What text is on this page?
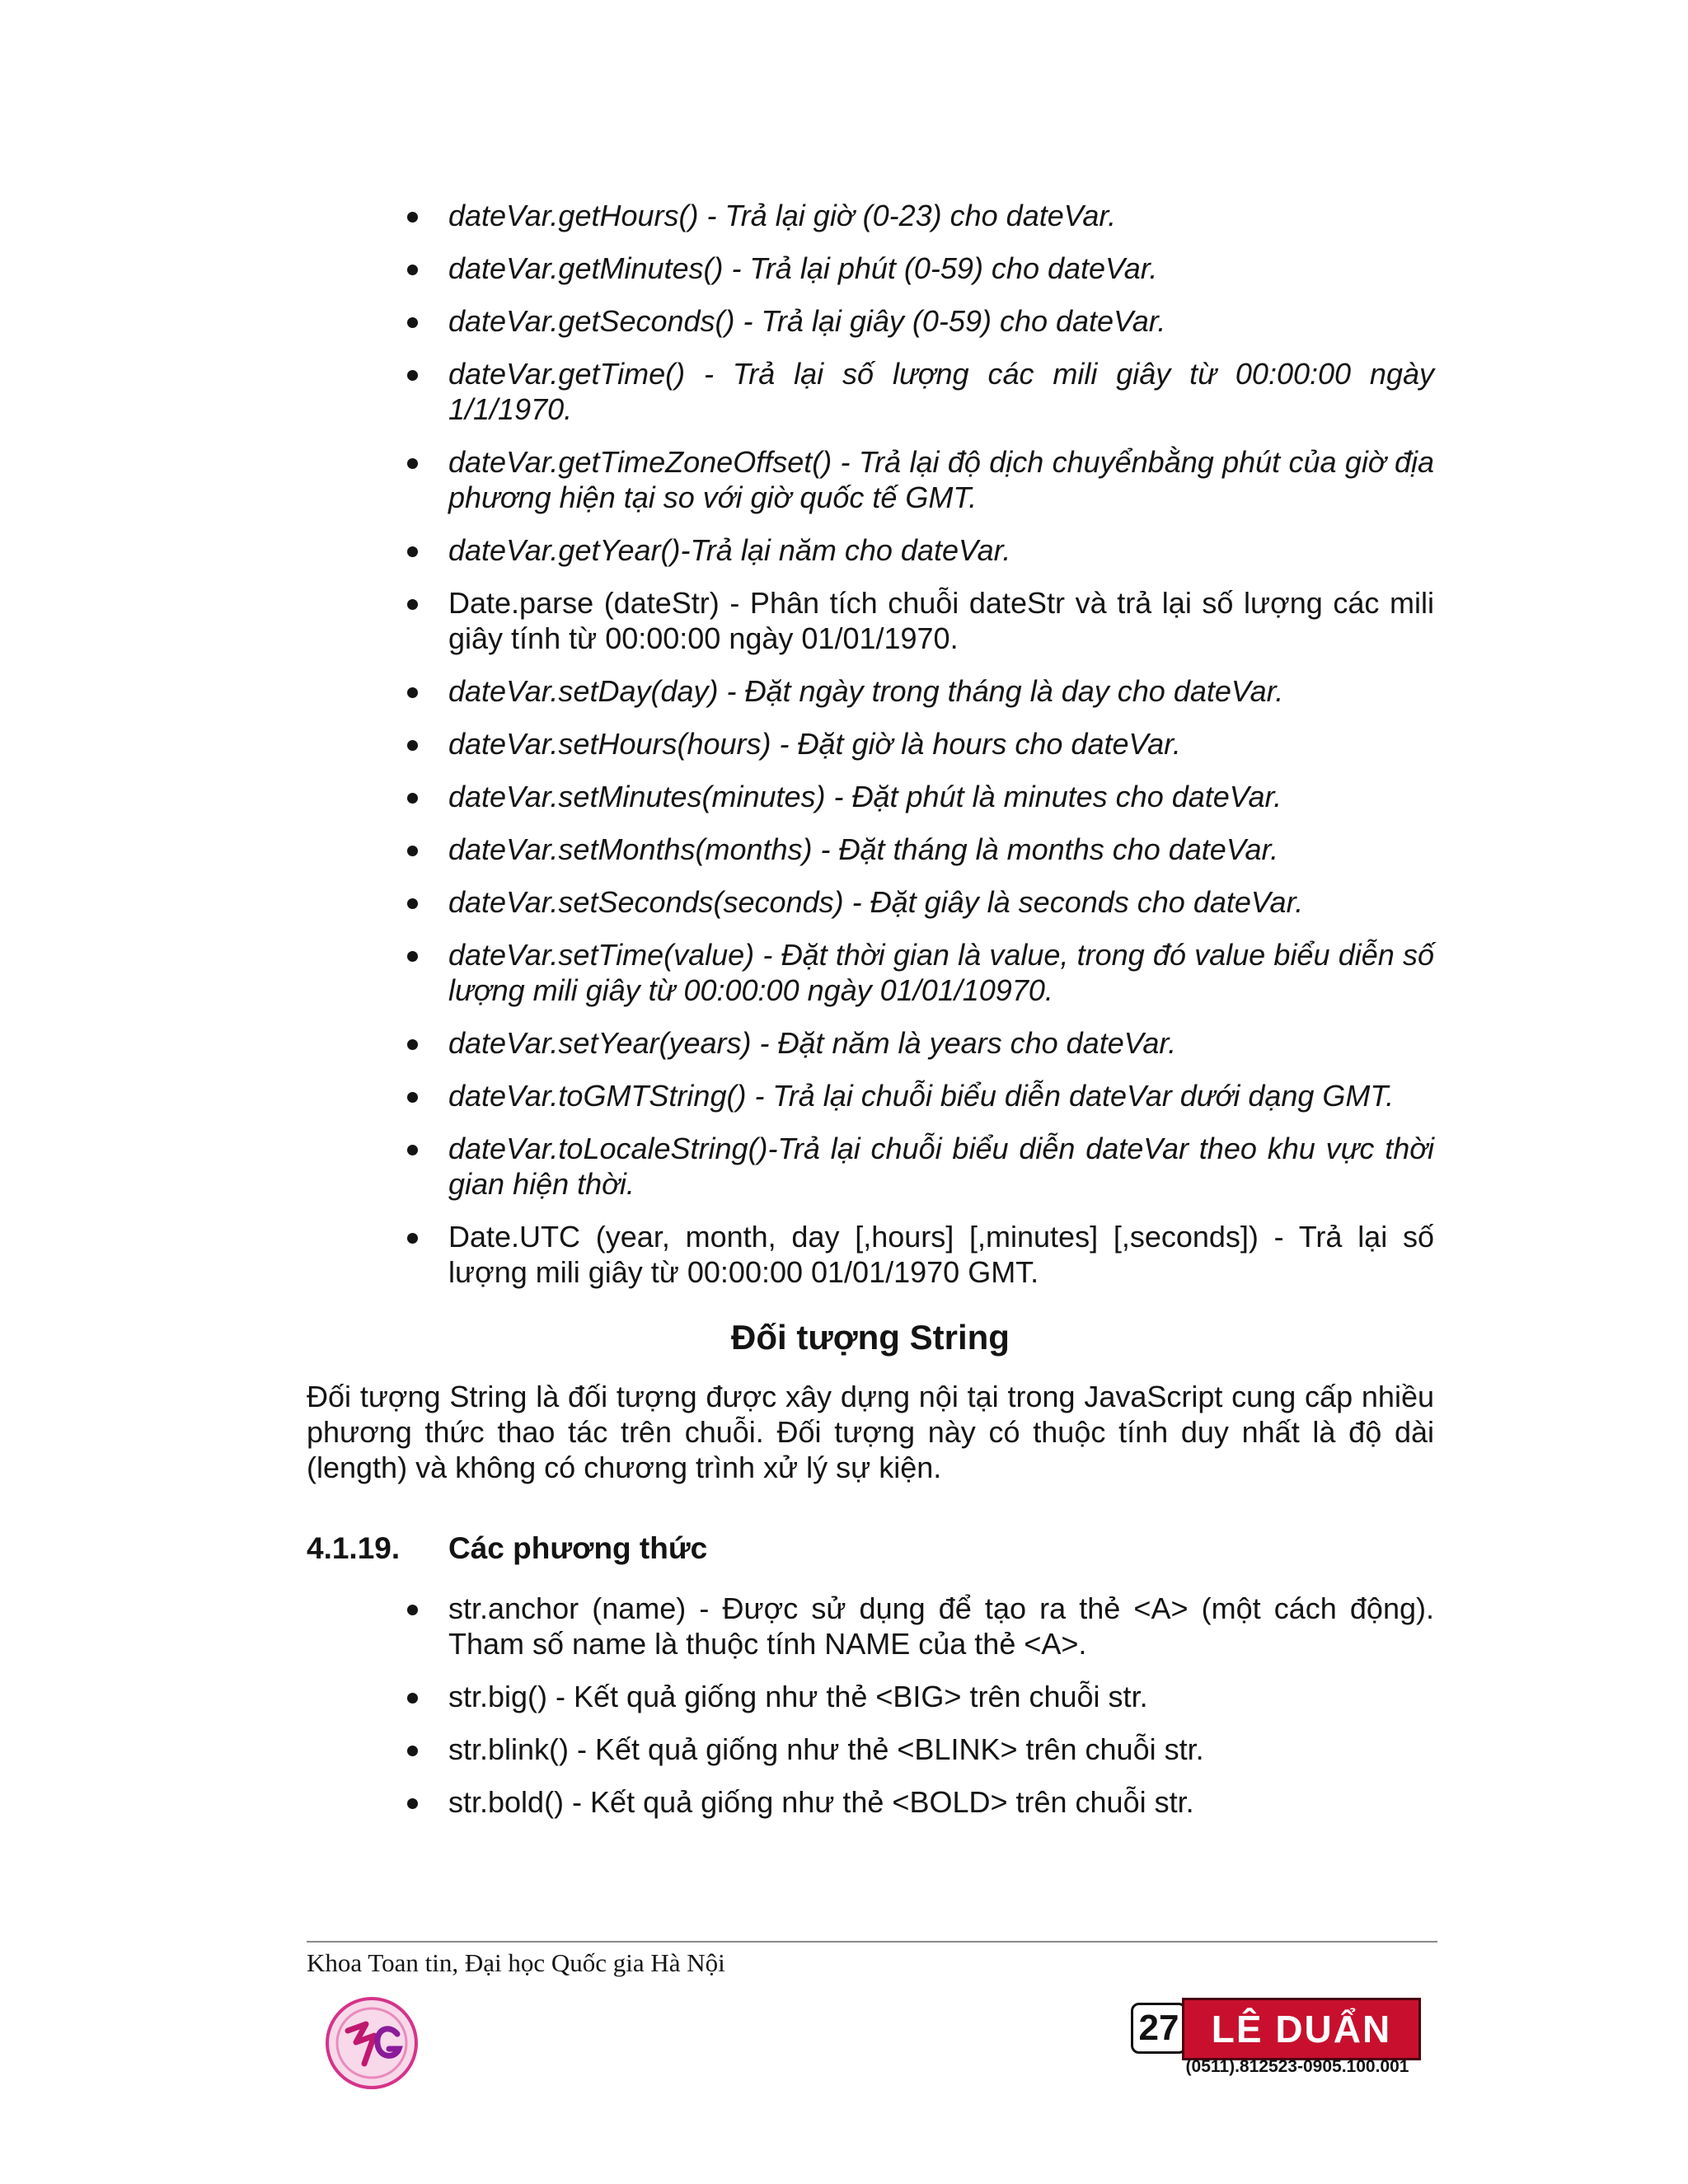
dateVar.getHours() - Trả lại giờ (0-23) cho dateVar.
dateVar.getMinutes() - Trả lại phút (0-59) cho dateVar.
dateVar.getSeconds() - Trả lại giây (0-59) cho dateVar.
dateVar.getTime() - Trả lại số lượng các mili giây từ 00:00:00 ngày 1/1/1970.
dateVar.getTimeZoneOffset() - Trả lại độ dịch chuyểnbằng phút của giờ địa phương hiện tại so với giờ quốc tế GMT.
dateVar.getYear()-Trả lại năm cho dateVar.
Date.parse (dateStr) - Phân tích chuỗi dateStr và trả lại số lượng các mili giây tính từ 00:00:00 ngày 01/01/1970.
dateVar.setDay(day) - Đặt ngày trong tháng là day cho dateVar.
dateVar.setHours(hours) - Đặt giờ là hours cho dateVar.
dateVar.setMinutes(minutes) - Đặt phút là minutes cho dateVar.
dateVar.setMonths(months) - Đặt tháng là months cho dateVar.
dateVar.setSeconds(seconds) - Đặt giây là seconds cho dateVar.
dateVar.setTime(value) - Đặt thời gian là value, trong đó value biểu diễn số lượng mili giây từ 00:00:00 ngày 01/01/10970.
dateVar.setYear(years) - Đặt năm là years cho dateVar.
dateVar.toGMTString() - Trả lại chuỗi biểu diễn dateVar dưới dạng GMT.
dateVar.toLocaleString()-Trả lại chuỗi biểu diễn dateVar theo khu vực thời gian hiện thời.
Date.UTC (year, month, day [,hours] [,minutes] [,seconds]) - Trả lại số lượng mili giây từ 00:00:00 01/01/1970 GMT.
Đối tượng String

Đối tượng String là đối tượng được xây dựng nội tại trong JavaScript cung cấp nhiều phương thức thao tác trên chuỗi. Đối tượng này có thuộc tính duy nhất là độ dài (length) và không có chương trình xử lý sự kiện.

4.1.19.	Các phương thức
str.anchor (name) - Được sử dụng để tạo ra thẻ <A> (một cách động). Tham số name là thuộc tính NAME của thẻ <A>.
str.big() - Kết quả giống như thẻ <BIG> trên chuỗi str.
str.blink() - Kết quả giống như thẻ <BLINK> trên chuỗi str.
str.bold() - Kết quả giống như thẻ <BOLD> trên chuỗi str.
Khoa Toan tin, Đại học Quốc gia Hà Nội
27 LÊ DUẨN
(0511).812523-0905.100.001
